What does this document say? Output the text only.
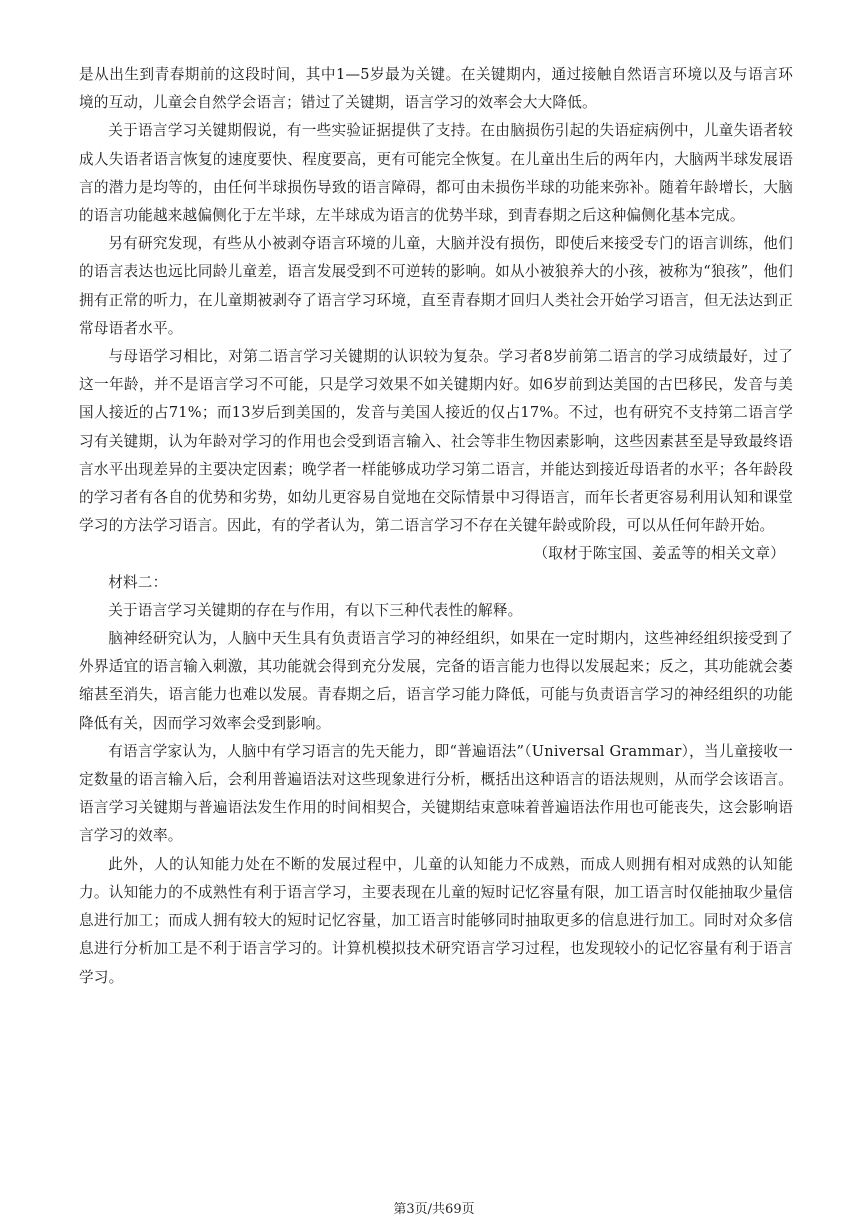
是从出生到青春期前的这段时间，其中1—5岁最为关键。在关键期内，通过接触自然语言环境以及与语言环境的互动，儿童会自然学会语言；错过了关键期，语言学习的效率会大大降低。

关于语言学习关键期假说，有一些实验证据提供了支持。在由脑损伤引起的失语症病例中，儿童失语者较成人失语者语言恢复的速度要快、程度要高，更有可能完全恢复。在儿童出生后的两年内，大脑两半球发展语言的潜力是均等的，由任何半球损伤导致的语言障碍，都可由未损伤半球的功能来弥补。随着年龄增长，大脑的语言功能越来越偏侧化于左半球，左半球成为语言的优势半球，到青春期之后这种偏侧化基本完成。

另有研究发现，有些从小被剥夺语言环境的儿童，大脑并没有损伤，即使后来接受专门的语言训练，他们的语言表达也远比同龄儿童差，语言发展受到不可逆转的影响。如从小被狼养大的小孩，被称为“狼孩”，他们拥有正常的听力，在儿童期被剥夺了语言学习环境，直至青春期才回归人类社会开始学习语言，但无法达到正常母语者水平。

与母语学习相比，对第二语言学习关键期的认识较为复杂。学习者8岁前第二语言的学习成绩最好，过了这一年龄，并不是语言学习不可能，只是学习效果不如关键期内好。如6岁前到达美国的古巴移民，发音与美国人接近的占71%；而13岁后到美国的，发音与美国人接近的仅占17%。不过，也有研究不支持第二语言学习有关键期，认为年龄对学习的作用也会受到语言输入、社会等非生物因素影响，这些因素甚至是导致最终语言水平出现差异的主要决定因素；晚学者一样能够成功学习第二语言，并能达到接近母语者的水平；各年龄段的学习者有各自的优势和劣势，如幼儿更容易自觉地在交际情景中习得语言，而年长者更容易利用认知和课堂学习的方法学习语言。因此，有的学者认为，第二语言学习不存在关键年龄或阶段，可以从任何年龄开始。

（取材于陈宝国、姜孟等的相关文章）

材料二：

关于语言学习关键期的存在与作用，有以下三种代表性的解释。

脑神经研究认为，人脑中天生具有负责语言学习的神经组织，如果在一定时期内，这些神经组织接受到了外界适宜的语言输入刺激，其功能就会得到充分发展，完备的语言能力也得以发展起来；反之，其功能就会萎缩甚至消失，语言能力也难以发展。青春期之后，语言学习能力降低，可能与负责语言学习的神经组织的功能降低有关，因而学习效率会受到影响。

有语言学家认为，人脑中有学习语言的先天能力，即“普遍语法”（Universal Grammar），当儿童接收一定数量的语言输入后，会利用普遍语法对这些现象进行分析，概括出这种语言的语法规则，从而学会该语言。语言学习关键期与普遍语法发生作用的时间相契合，关键期结束意味着普遍语法作用也可能丧失，这会影响语言学习的效率。

此外，人的认知能力处在不断的发展过程中，儿童的认知能力不成熟，而成人则拥有相对成熟的认知能力。认知能力的不成熟性有利于语言学习，主要表现在儿童的短时记忆容量有限，加工语言时仅能抽取少量信息进行加工；而成人拥有较大的短时记忆容量，加工语言时能够同时抽取更多的信息进行加工。同时对众多信息进行分析加工是不利于语言学习的。计算机模拟技术研究语言学习过程，也发现较小的记忆容量有利于语言学习。

第3页/共69页
